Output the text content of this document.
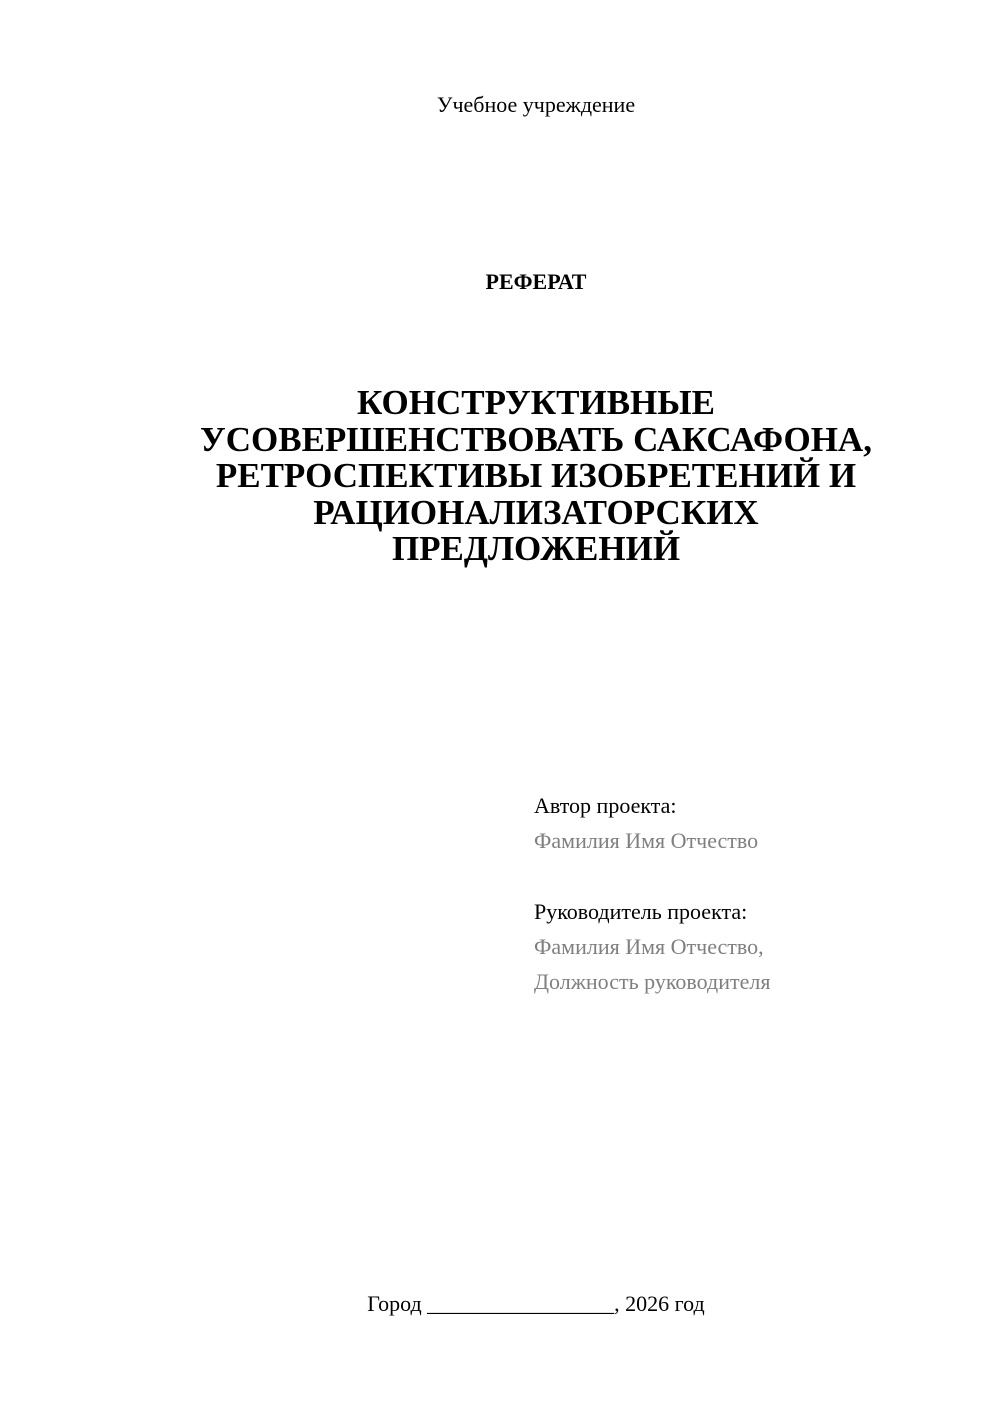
Учебное учреждение
РЕФЕРАТ
КОНСТРУКТИВНЫЕ
УСОВЕРШЕНСТВОВАТЬ САКСАФОНА,
РЕТРОСПЕКТИВЫ ИЗОБРЕТЕНИЙ И
РАЦИОНАЛИЗАТОРСКИХ
ПРЕДЛОЖЕНИЙ
Автор проекта:
Фамилия Имя Отчество
Руководитель проекта:
Фамилия Имя Отчество,
Должность руководителя
Город _________________, 2026 год
